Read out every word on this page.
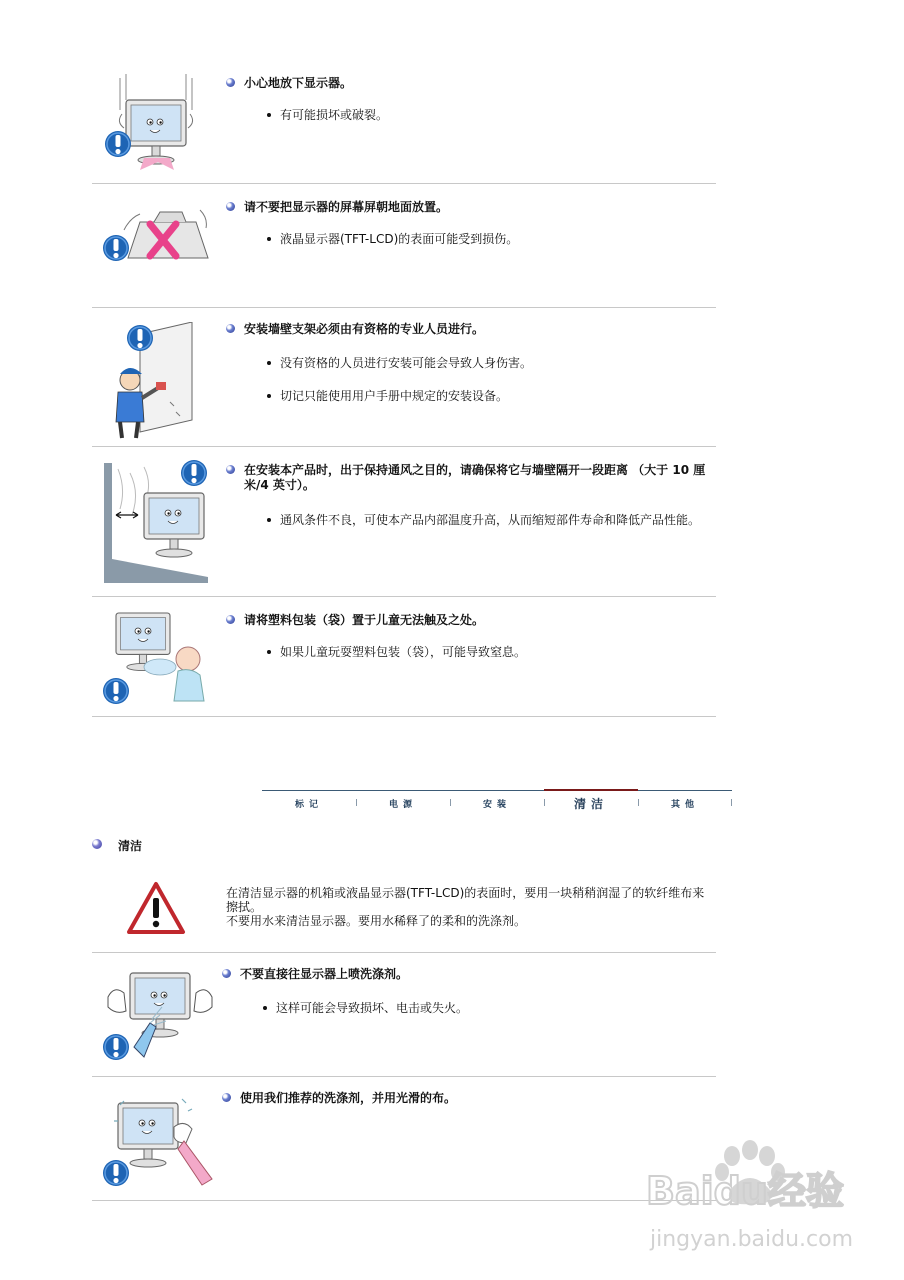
小心地放下显示器。
有可能损坏或破裂。
请不要把显示器的屏幕屏朝地面放置。
液晶显示器(TFT-LCD)的表面可能受到损伤。
安装墙壁支架必须由有资格的专业人员进行。
没有资格的人员进行安装可能会导致人身伤害。
切记只能使用用户手册中规定的安装设备。
在安装本产品时，出于保持通风之目的，请确保将它与墙壁隔开一段距离 （大于 10 厘米/4 英寸）。
通风条件不良，可使本产品内部温度升高，从而缩短部件寿命和降低产品性能。
请将塑料包装（袋）置于儿童无法触及之处。
如果儿童玩耍塑料包装（袋），可能导致窒息。
标记	电源	安装	清洁	其他
清洁

在清洁显示器的机箱或液晶显示器(TFT-LCD)的表面时，要用一块稍稍润湿了的软纤维布来擦拭。

不要用水来清洁显示器。要用水稀释了的柔和的洗涤剂。

不要直接往显示器上喷洗涤剂。
这样可能会导致损坏、电击或失火。
使用我们推荐的洗涤剂，并用光滑的布。
Baidu经验
jingyan.baidu.com
